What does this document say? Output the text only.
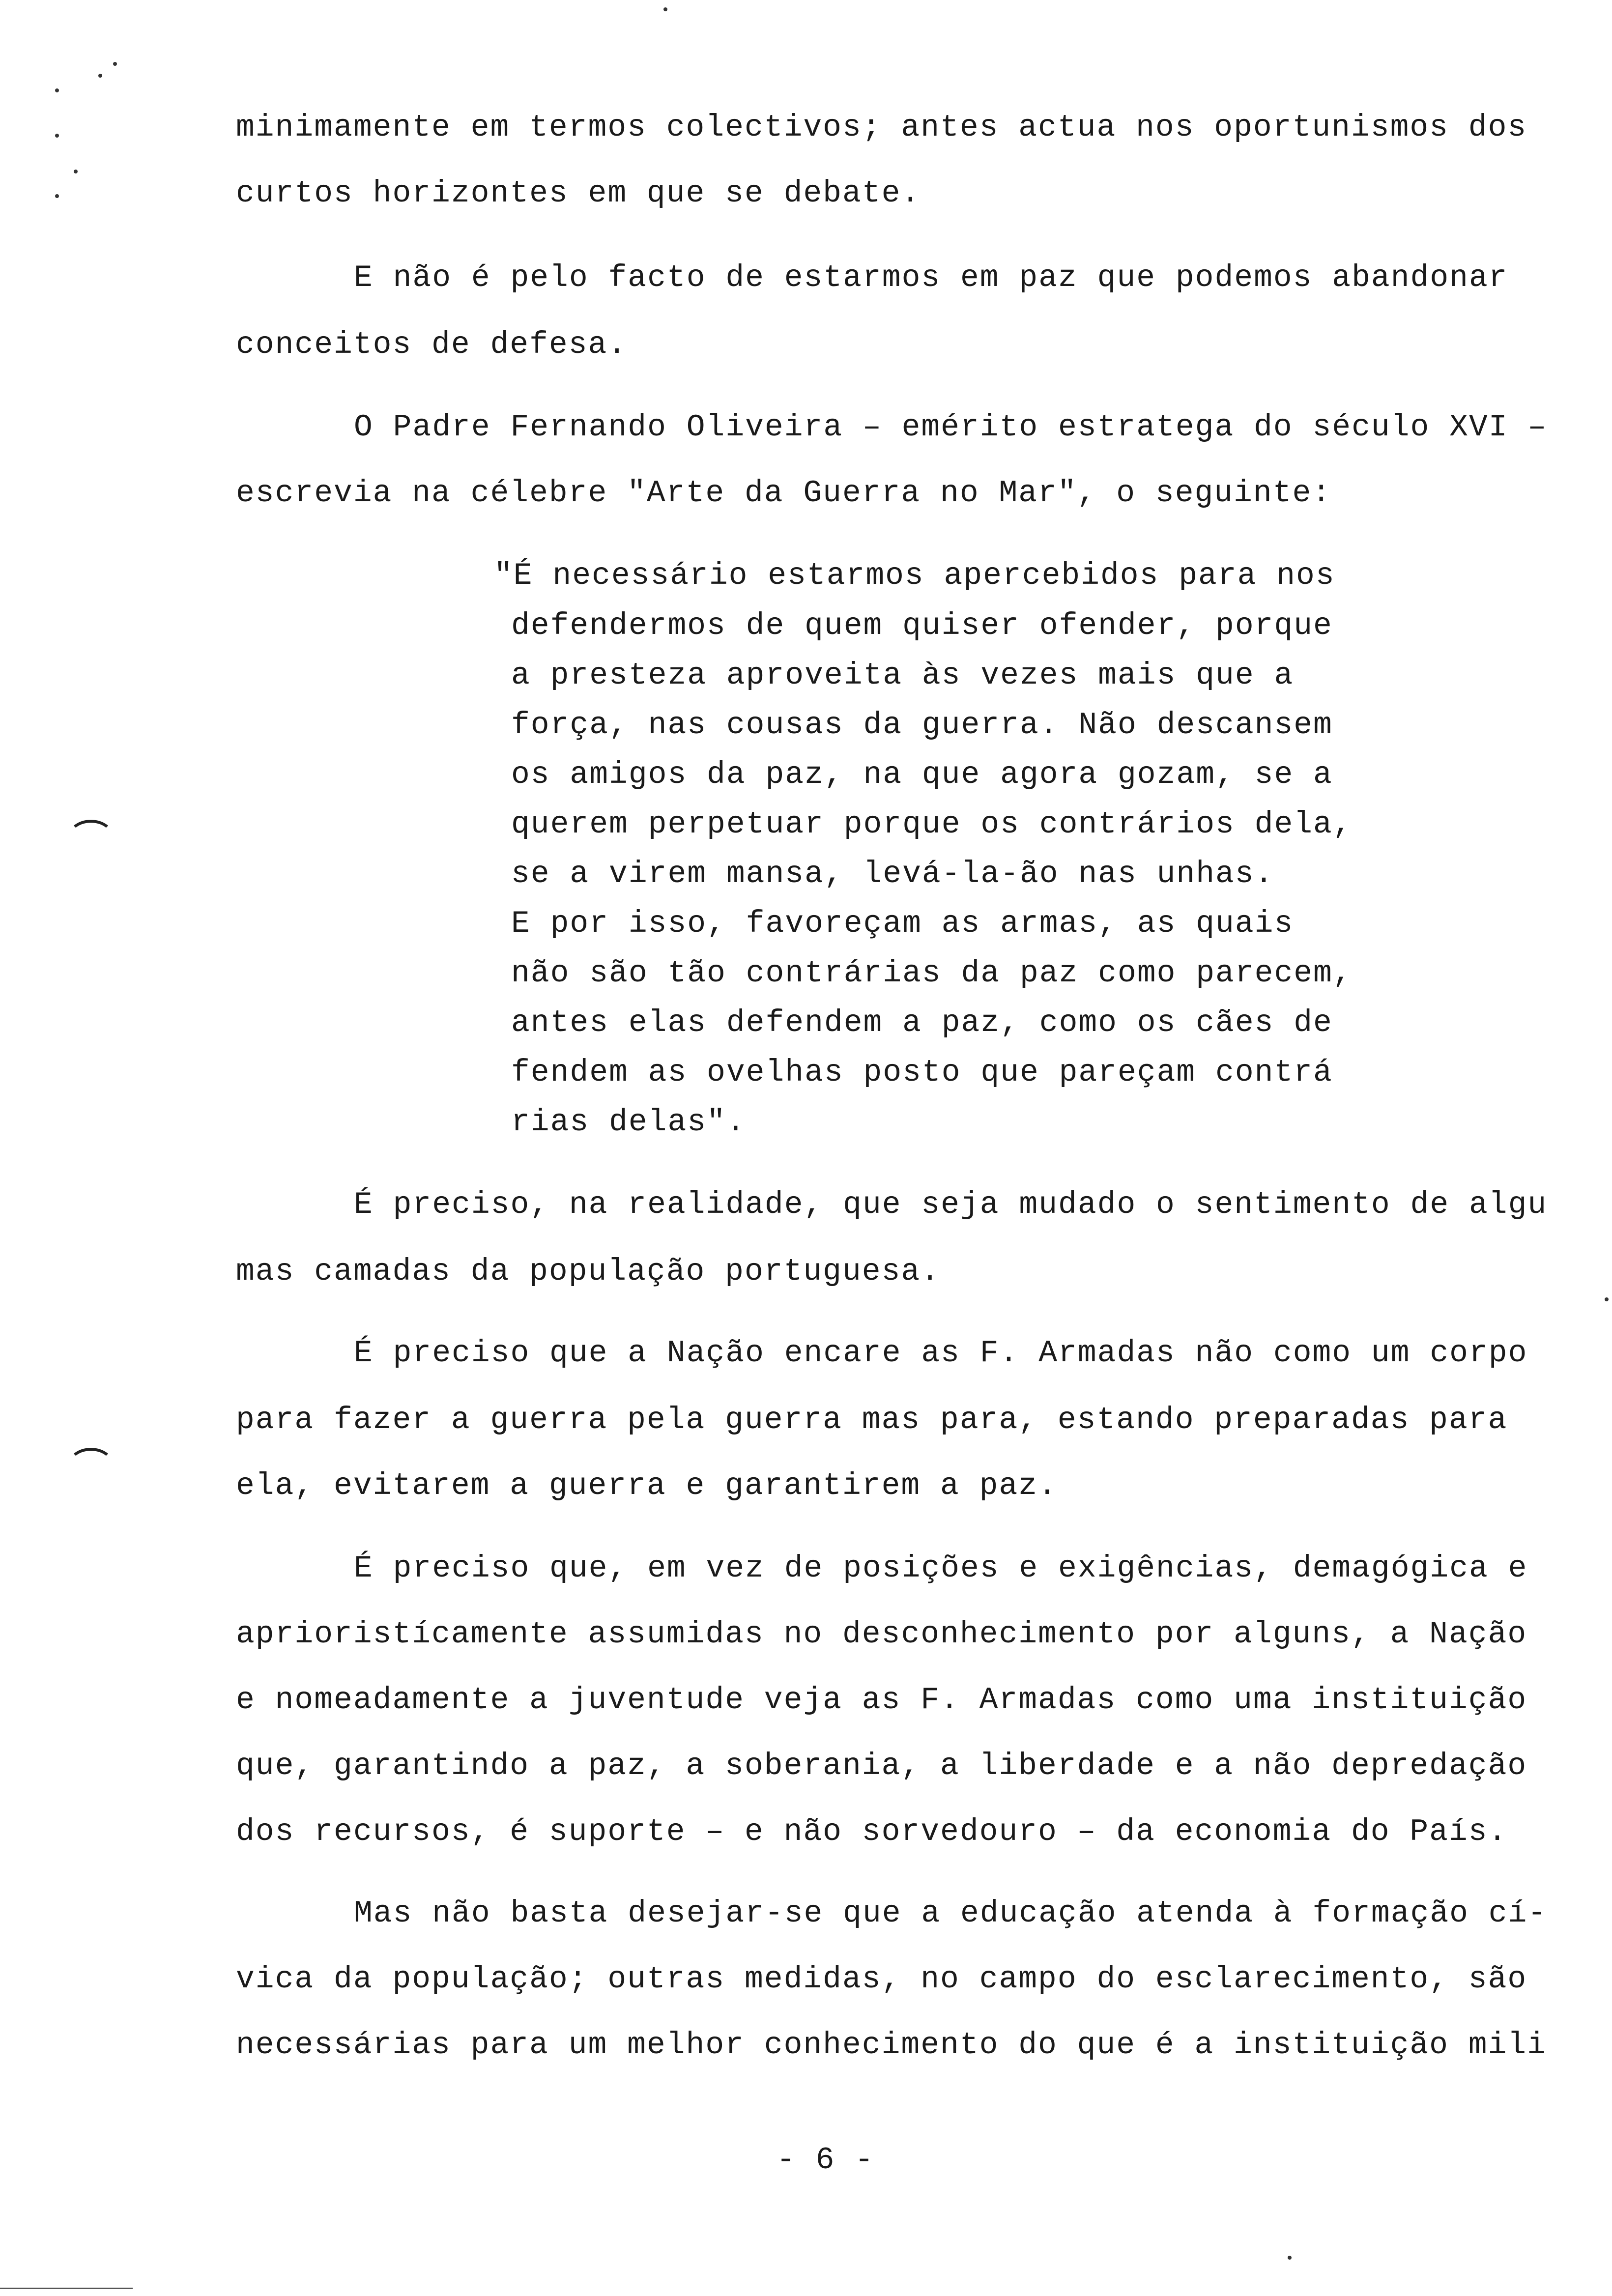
minimamente em termos colectivos; antes actua nos oportunismos dos
curtos horizontes em que se debate.
E não é pelo facto de estarmos em paz que podemos abandonar
conceitos de defesa.
O Padre Fernando Oliveira – emérito estratega do século XVI –
escrevia na célebre "Arte da Guerra no Mar", o seguinte:
"É necessário estarmos apercebidos para nos
defendermos de quem quiser ofender, porque
a presteza aproveita às vezes mais que a
força, nas cousas da guerra. Não descansem
os amigos da paz, na que agora gozam, se a
querem perpetuar porque os contrários dela,
se a virem mansa, levá-la-ão nas unhas.
E por isso, favoreçam as armas, as quais
não são tão contrárias da paz como parecem,
antes elas defendem a paz, como os cães de
fendem as ovelhas posto que pareçam contrá
rias delas".
É preciso, na realidade, que seja mudado o sentimento de algu
mas camadas da população portuguesa.
É preciso que a Nação encare as F. Armadas não como um corpo
para fazer a guerra pela guerra mas para, estando preparadas para
ela, evitarem a guerra e garantirem a paz.
É preciso que, em vez de posições e exigências, demagógica e
aprioristícamente assumidas no desconhecimento por alguns, a Nação
e nomeadamente a juventude veja as F. Armadas como uma instituição
que, garantindo a paz, a soberania, a liberdade e a não depredação
dos recursos, é suporte – e não sorvedouro – da economia do País.
Mas não basta desejar-se que a educação atenda à formação cí-
vica da população; outras medidas, no campo do esclarecimento, são
necessárias para um melhor conhecimento do que é a instituição mili
- 6 -
